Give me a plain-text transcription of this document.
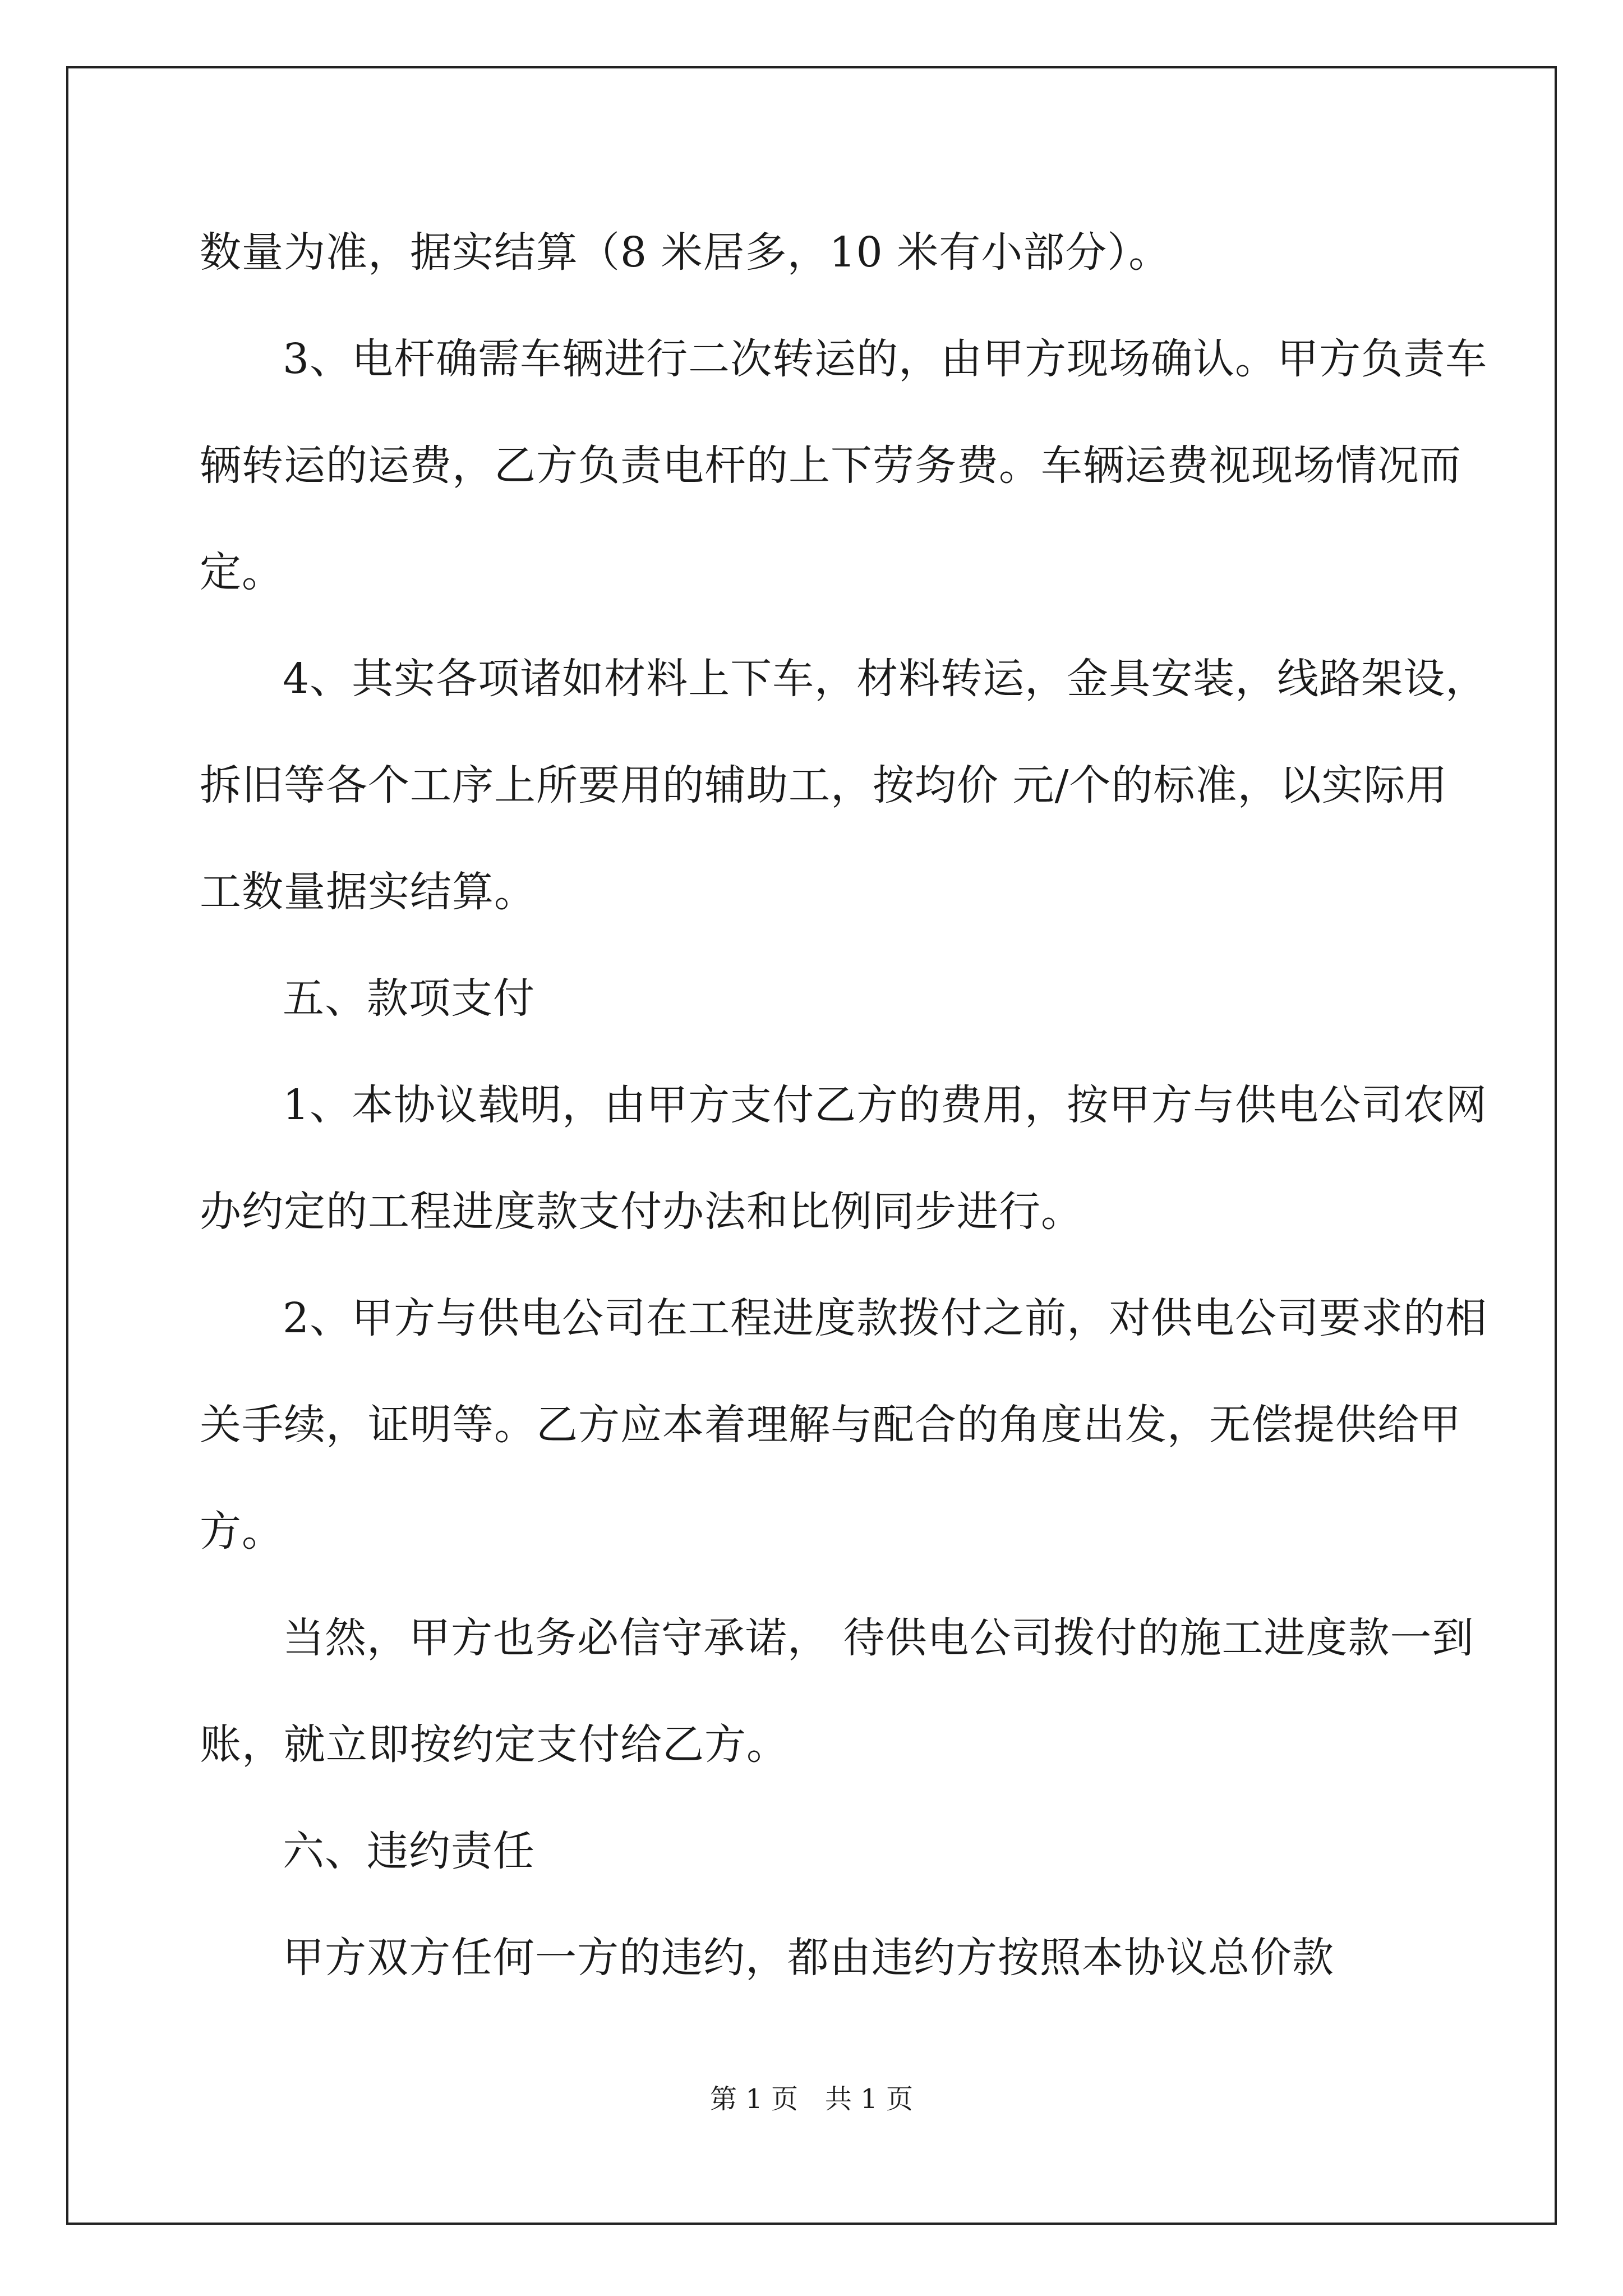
数量为准，据实结算（8 米居多，10 米有小部分）。
3、电杆确需车辆进行二次转运的，由甲方现场确认。甲方负责车
辆转运的运费，乙方负责电杆的上下劳务费。车辆运费视现场情况而
定。
4、其实各项诸如材料上下车，材料转运，金具安装，线路架设，
拆旧等各个工序上所要用的辅助工，按均价 元/个的标准，以实际用
工数量据实结算。
五、款项支付
1、本协议载明，由甲方支付乙方的费用，按甲方与供电公司农网
办约定的工程进度款支付办法和比例同步进行。
2、甲方与供电公司在工程进度款拨付之前，对供电公司要求的相
关手续，证明等。乙方应本着理解与配合的角度出发，无偿提供给甲
方。
当然，甲方也务必信守承诺， 待供电公司拨付的施工进度款一到
账，就立即按约定支付给乙方。
六、违约责任
甲方双方任何一方的违约，都由违约方按照本协议总价款
第 1 页 共 1 页
